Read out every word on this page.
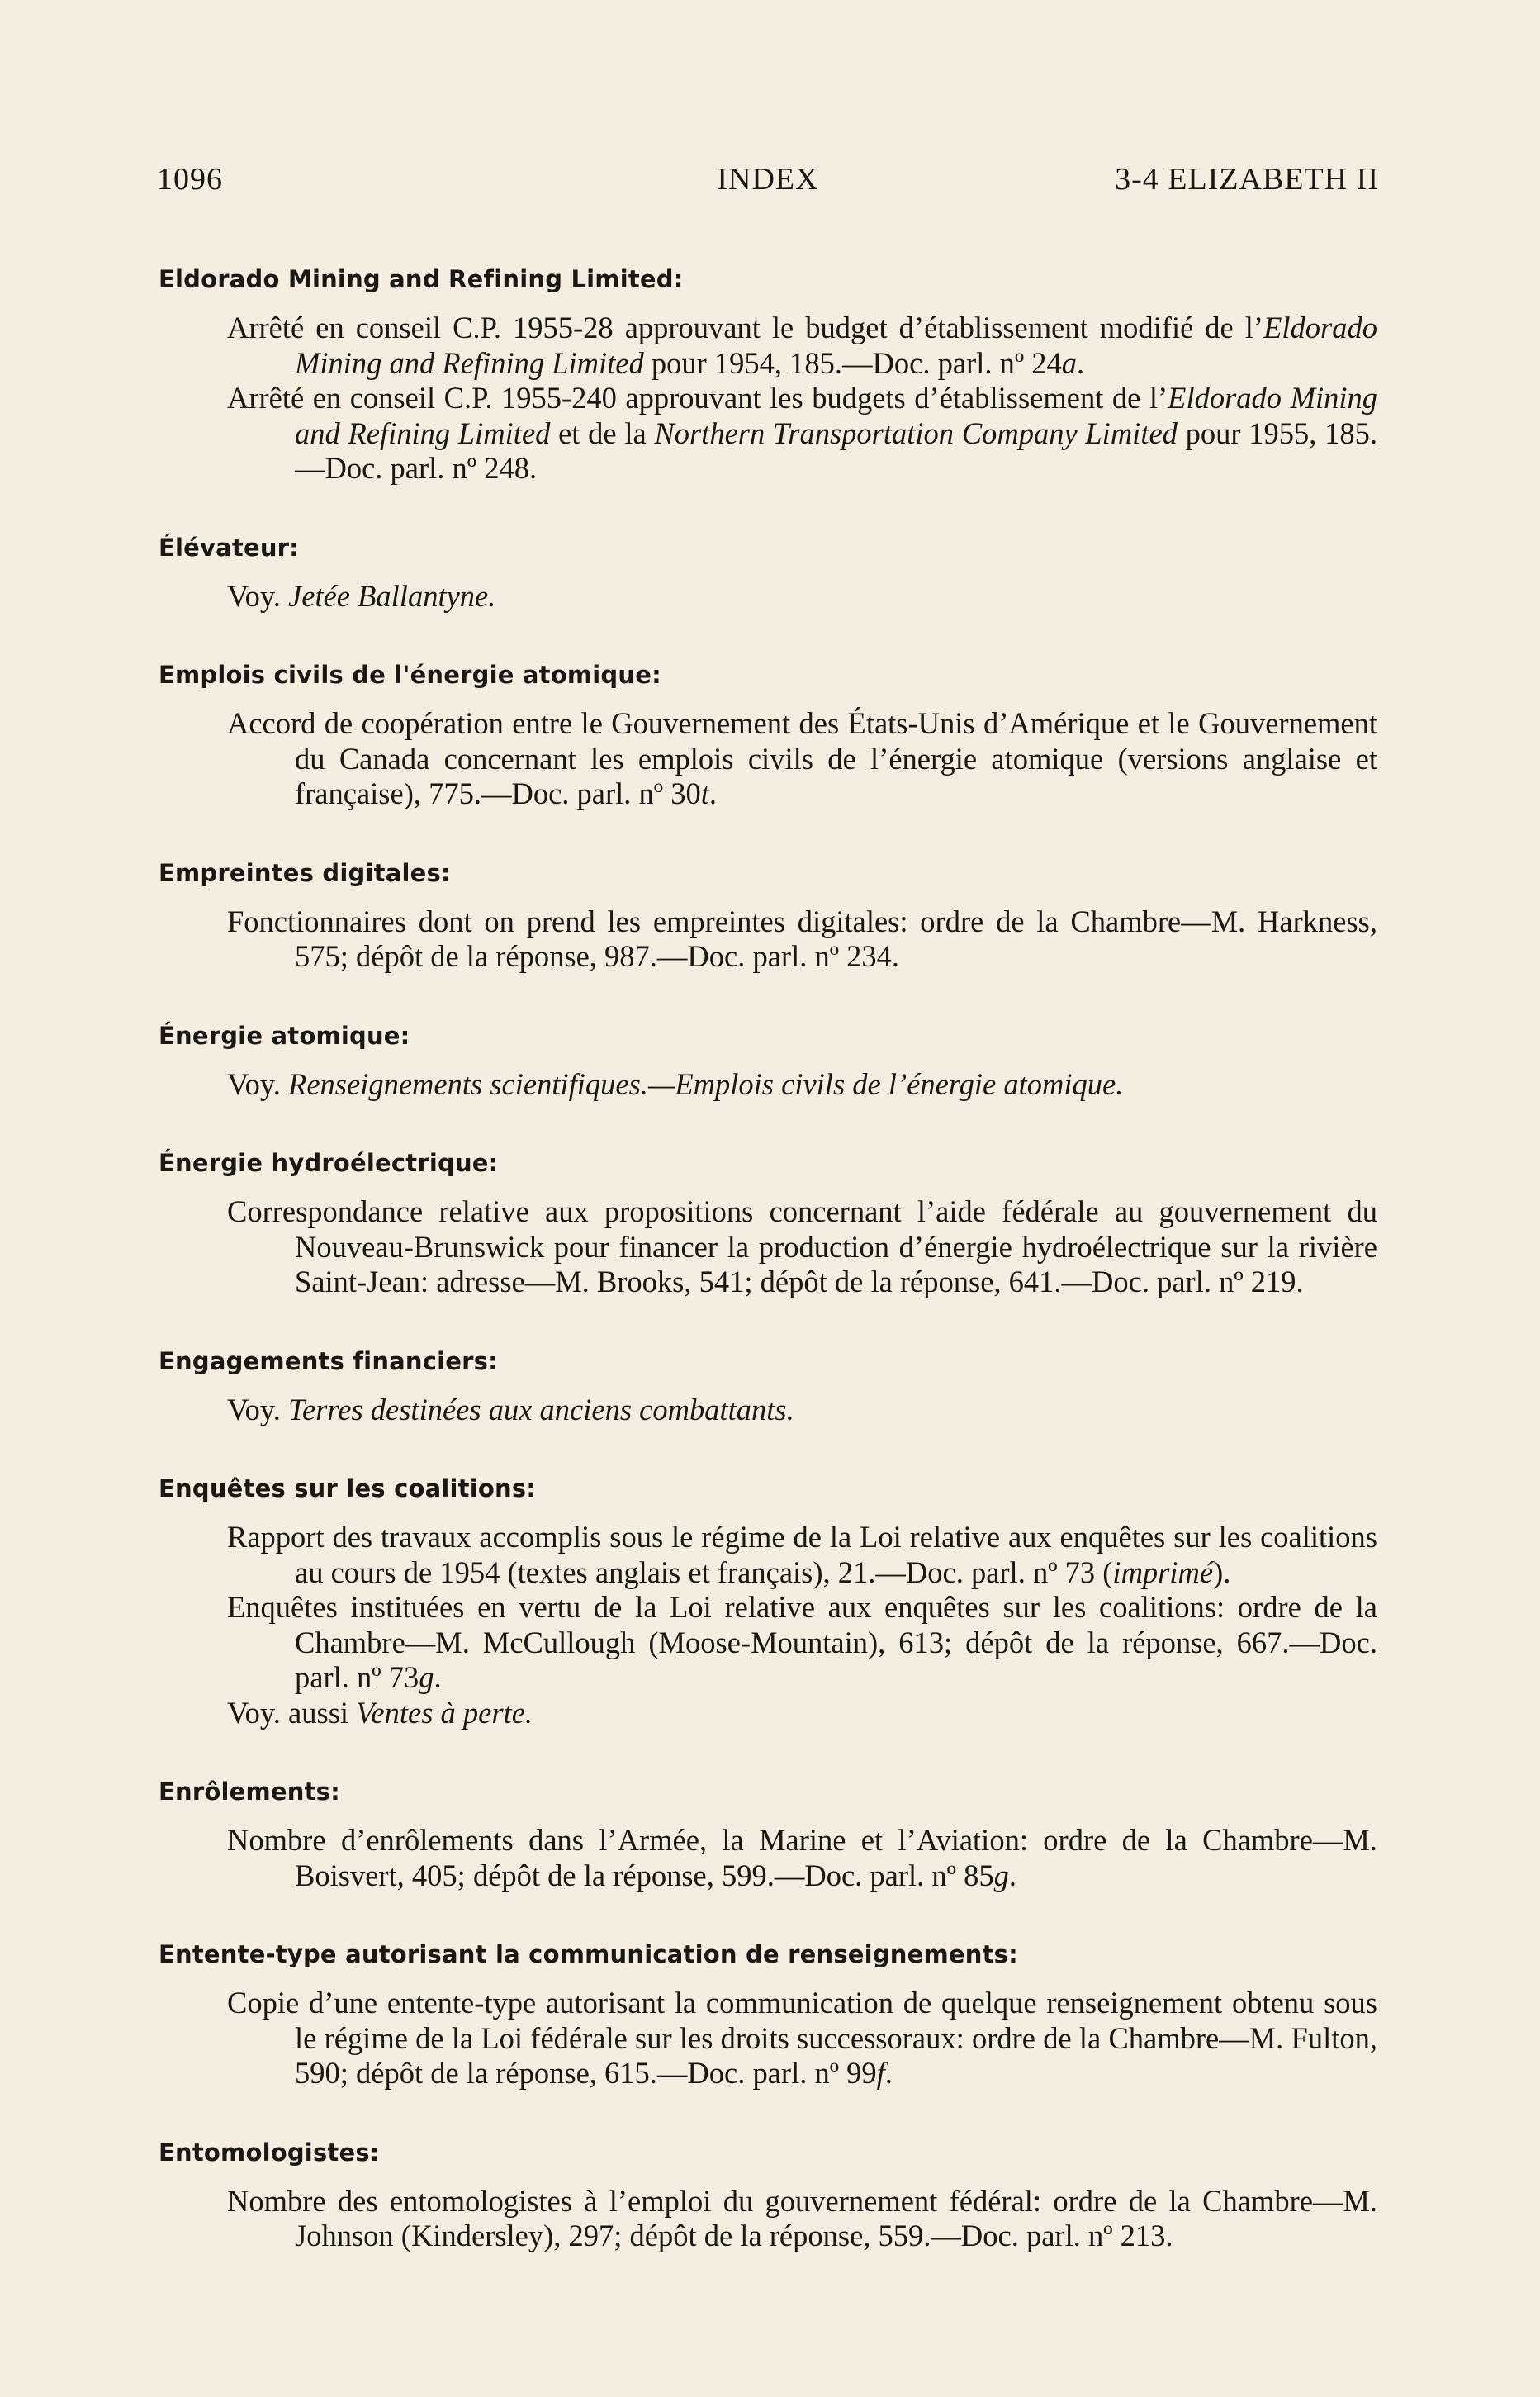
INDEX
1096	3-4 ELIZABETH II
Eldorado Mining and Refining Limited:
Arrêté en conseil C.P. 1955-28 approuvant le budget d’établissement modifié de l’Eldorado Mining and Refining Limited pour 1954, 185.—Doc. parl. nº 24a.
Arrêté en conseil C.P. 1955-240 approuvant les budgets d’établissement de l’Eldorado Mining and Refining Limited et de la Northern Transportation Company Limited pour 1955, 185.—Doc. parl. nº 248.
Élévateur:
Voy. Jetée Ballantyne.
Emplois civils de l'énergie atomique:
Accord de coopération entre le Gouvernement des États-Unis d’Amérique et le Gouvernement du Canada concernant les emplois civils de l’énergie atomique (versions anglaise et française), 775.—Doc. parl. nº 30t.
Empreintes digitales:
Fonctionnaires dont on prend les empreintes digitales: ordre de la Chambre—M. Harkness, 575; dépôt de la réponse, 987.—Doc. parl. nº 234.
Énergie atomique:
Voy. Renseignements scientifiques.—Emplois civils de l’énergie atomique.
Énergie hydroélectrique:
Correspondance relative aux propositions concernant l’aide fédérale au gouvernement du Nouveau-Brunswick pour financer la production d’énergie hydroélectrique sur la rivière Saint-Jean: adresse—M. Brooks, 541; dépôt de la réponse, 641.—Doc. parl. nº 219.
Engagements financiers:
Voy. Terres destinées aux anciens combattants.
Enquêtes sur les coalitions:
Rapport des travaux accomplis sous le régime de la Loi relative aux enquêtes sur les coalitions au cours de 1954 (textes anglais et français), 21.—Doc. parl. nº 73 (imprimé).
Enquêtes instituées en vertu de la Loi relative aux enquêtes sur les coalitions: ordre de la Chambre—M. McCullough (Moose-Mountain), 613; dépôt de la réponse, 667.—Doc. parl. nº 73g.
Voy. aussi Ventes à perte.
Enrôlements:
Nombre d’enrôlements dans l’Armée, la Marine et l’Aviation: ordre de la Chambre—M. Boisvert, 405; dépôt de la réponse, 599.—Doc. parl. nº 85g.
Entente-type autorisant la communication de renseignements:
Copie d’une entente-type autorisant la communication de quelque renseignement obtenu sous le régime de la Loi fédérale sur les droits successoraux: ordre de la Chambre—M. Fulton, 590; dépôt de la réponse, 615.—Doc. parl. nº 99f.
Entomologistes:
Nombre des entomologistes à l’emploi du gouvernement fédéral: ordre de la Chambre—M. Johnson (Kindersley), 297; dépôt de la réponse, 559.—Doc. parl. nº 213.
